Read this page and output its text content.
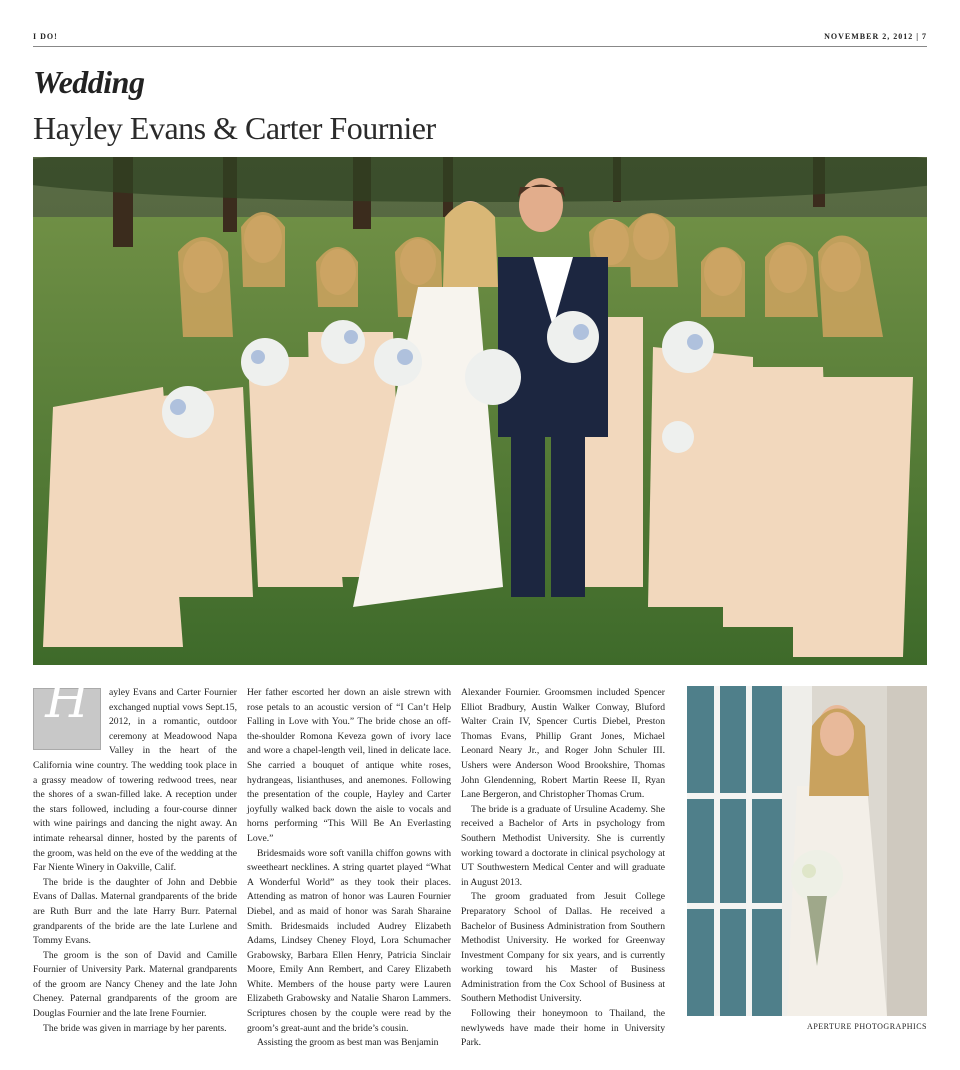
I DO!	NOVEMBER 2, 2012 | 7
Wedding
Hayley Evans & Carter Fournier
APERTURE PHOTOGRAPHICS

H	ayley Evans and Carter Fournier exchanged nuptial vows Sept.15, 2012, in a romantic, outdoor ceremony at Meadowood Napa Valley in the heart of the California wine country. The wedding took place in a grassy meadow of towering redwood trees, near the shores of a swan-filled lake. A reception under the stars followed, including a four-course dinner with wine pairings and dancing the night away. An intimate rehearsal dinner, hosted by the parents of the groom, was held on the eve of the wedding at the Far Niente Winery in Oakville, Calif.

The bride is the daughter of John and Debbie Evans of Dallas. Maternal grandparents of the bride are Ruth Burr and the late Harry Burr. Paternal grandparents of the bride are the late Lurlene and Tommy Evans.

The groom is the son of David and Camille Fournier of University Park. Maternal grandparents of the groom are Nancy Cheney and the late John Cheney. Paternal grandparents of the groom are Douglas Fournier and the late Irene Fournier.

The bride was given in marriage by her parents.

Her father escorted her down an aisle strewn with rose petals to an acoustic version of “I Can’t Help Falling in Love with You.” The bride chose an off-the-shoulder Romona Keveza gown of ivory lace and wore a chapel-length veil, lined in delicate lace. She carried a bouquet of antique white roses, hydrangeas, lisianthuses, and anemones. Following the presentation of the couple, Hayley and Carter joyfully walked back down the aisle to vocals and horns performing “This Will Be An Everlasting Love.”

Bridesmaids wore soft vanilla chiffon gowns with sweetheart necklines. A string quartet played “What A Wonderful World” as they took their places. Attending as matron of honor was Lauren Fournier Diebel, and as maid of honor was Sarah Sharaine Smith. Bridesmaids included Audrey Elizabeth Adams, Lindsey Cheney Floyd, Lora Schumacher Grabowsky, Barbara Ellen Henry, Patricia Sinclair Moore, Emily Ann Rembert, and Carey Elizabeth White. Members of the house party were Lauren Elizabeth Grabowsky and Natalie Sharon Lammers. Scriptures chosen by the couple were read by the groom’s great-aunt and the bride’s cousin.

Assisting the groom as best man was Benjamin

Alexander Fournier. Groomsmen included Spencer Elliot Bradbury, Austin Walker Conway, Bluford Walter Crain IV, Spencer Curtis Diebel, Preston Thomas Evans, Phillip Grant Jones, Michael Leonard Neary Jr., and Roger John Schuler III. Ushers were Anderson Wood Brookshire, Thomas John Glendenning, Robert Martin Reese II, Ryan Lane Bergeron, and Christopher Thomas Crum.

The bride is a graduate of Ursuline Academy. She received a Bachelor of Arts in psychology from Southern Methodist University. She is currently working toward a doctorate in clinical psychology at UT Southwestern Medical Center and will graduate in August 2013.

The groom graduated from Jesuit College Preparatory School of Dallas. He received a Bachelor of Business Administration from Southern Methodist University. He worked for Greenway Investment Company for six years, and is currently working toward his Master of Business Administration from the Cox School of Business at Southern Methodist University.

Following their honeymoon to Thailand, the newlyweds have made their home in University Park.
